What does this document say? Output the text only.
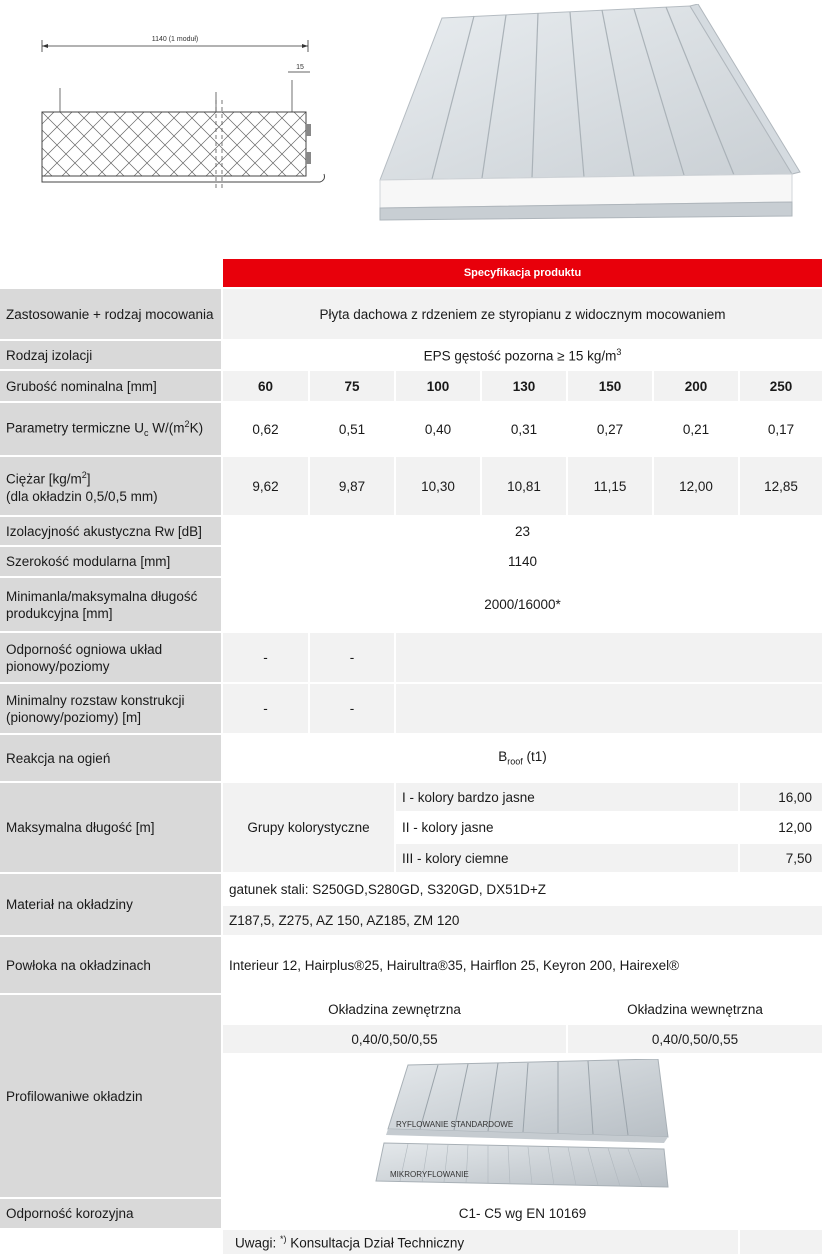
1140 (1 moduł)
15
	Specyfikacja produktu						
Zastosowanie + rodzaj mocowania	Płyta dachowa z rdzeniem ze styropianu z widocznym mocowaniem						
Rodzaj izolacji	EPS gęstość pozorna ≥ 15 $kg/m^3$
Grubość nominalna [mm]	60	75	100	130	150	200	250
Parametry termiczne $U_c$ $W/(m^2K)$	0,62	0,51	0,40	0,31	0,27	0,21	0,17
Ciężar $[kg/m^2]$
(dla okładzin 0,5/0,5 mm)	9,62	9,87	10,30	10,81	11,15	12,00	12,85
Izolacyjność akustyczna Rw [dB]	23						
Szerokość modularna [mm]	1140						
Minimanla/maksymalna długość
produkcyjna [mm]	2000/16000*						
Odporność ogniowa układ
pionowy/poziomy	-	-					
Minimalny rozstaw konstrukcji
(pionowy/poziomy) [m]	-	-					
Reakcja na ogień	$B_{roof}$ (t1)						
Maksymalna długość [m]	Grupy kolorystyczne		I - kolory bardzo jasne				16,00
			II - kolory jasne				12,00
			III - kolory ciemne				7,50
Materiał na okładziny	gatunek stali: S250GD,S280GD, S320GD, DX51D+Z						
	Z187,5, Z275, AZ 150, AZ185, ZM 120						
Powłoka na okładzinach	Interieur 12, Hairplus®25, Hairultra®35, Hairflon 25, Keyron 200, Hairexel®						
Profilowaniwe okładzin	Okładzina zewnętrzna				Okładzina wewnętrzna		
	0,40/0,50/0,55				0,40/0,50/0,55		

RYFLOWANIE STANDARDOWE
MIKRORYFLOWANIE						

Odporność korozyjna	C1- C5 wg EN 10169						
	Uwagi: *) Konsultacja Dział Techniczny						
